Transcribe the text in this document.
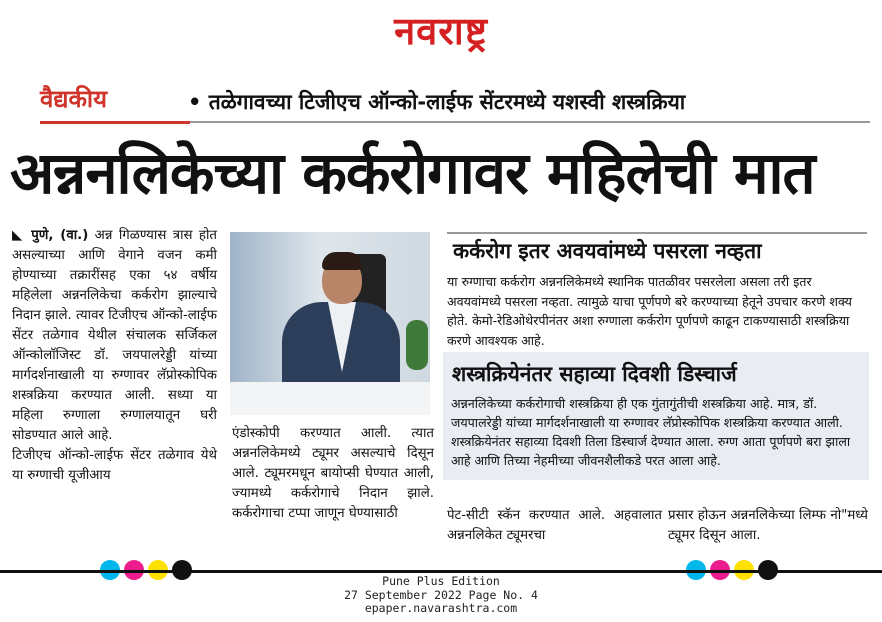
नवराष्ट्र
वैद्यकीय	• तळेगावच्या टिजीएच ऑन्को-लाईफ सेंटरमध्ये यशस्वी शस्त्रक्रिया
अन्ननलिकेच्या कर्करोगावर महिलेची मात
◣ पुणे, (वा.) अन्न गिळण्यास त्रास होत असल्याच्या आणि वेगाने वजन कमी होण्याच्या तक्रारींसह एका ५४ वर्षीय महिलेला अन्ननलिकेचा कर्करोग झाल्याचे निदान झाले. त्यावर टिजीएच ऑन्को-लाईफ सेंटर तळेगाव येथील संचालक सर्जिकल ऑन्कोलॉजिस्ट डॉ. जयपालरेड्डी यांच्या मार्गदर्शनाखाली या रुग्णावर लॅप्रोस्कोपिक शस्त्रक्रिया करण्यात आली. सध्या या महिला रुग्णाला रुग्णालयातून घरी सोडण्यात आले आहे.
टिजीएच ऑन्को-लाईफ सेंटर तळेगाव येथे या रुग्णाची यूजीआय
एंडोस्कोपी करण्यात आली. त्यात अन्ननलिकेमध्ये ट्यूमर असल्याचे दिसून आले. ट्यूमरमधून बायोप्सी घेण्यात आली, ज्यामध्ये कर्करोगाचे निदान झाले. कर्करोगाचा टप्पा जाणून घेण्यासाठी	पेट-सीटी स्कॅन करण्यात आले. अहवालात अन्ननलिकेत ट्यूमरचा
प्रसार होऊन अन्ननलिकेच्या लिम्फ नो"मध्ये ट्यूमर दिसून आला.
कर्करोग इतर अवयवांमध्ये पसरला नव्हता
या रुग्णाचा कर्करोग अन्ननलिकेमध्ये स्थानिक पातळीवर पसरलेला असला तरी इतर अवयवांमध्ये पसरला नव्हता. त्यामुळे याचा पूर्णपणे बरे करण्याच्या हेतूने उपचार करणे शक्य होते. केमो-रेडिओथेरपीनंतर अशा रुग्णाला कर्करोग पूर्णपणे काढून टाकण्यासाठी शस्त्रक्रिया करणे आवश्यक आहे.
शस्त्रक्रियेनंतर सहाव्या दिवशी डिस्चार्ज
अन्ननलिकेच्या कर्करोगाची शस्त्रक्रिया ही एक गुंतागुंतीची शस्त्रक्रिया आहे. मात्र, डॉ. जयपालरेड्डी यांच्या मार्गदर्शनाखाली या रुग्णावर लॅप्रोस्कोपिक शस्त्रक्रिया करण्यात आली. शस्त्रक्रियेनंतर सहाव्या दिवशी तिला डिस्चार्ज देण्यात आला. रुग्ण आता पूर्णपणे बरा झाला आहे आणि तिच्या नेहमीच्या जीवनशैलीकडे परत आला आहे.
Pune Plus Edition
27 September 2022 Page No. 4
epaper.navarashtra.com
